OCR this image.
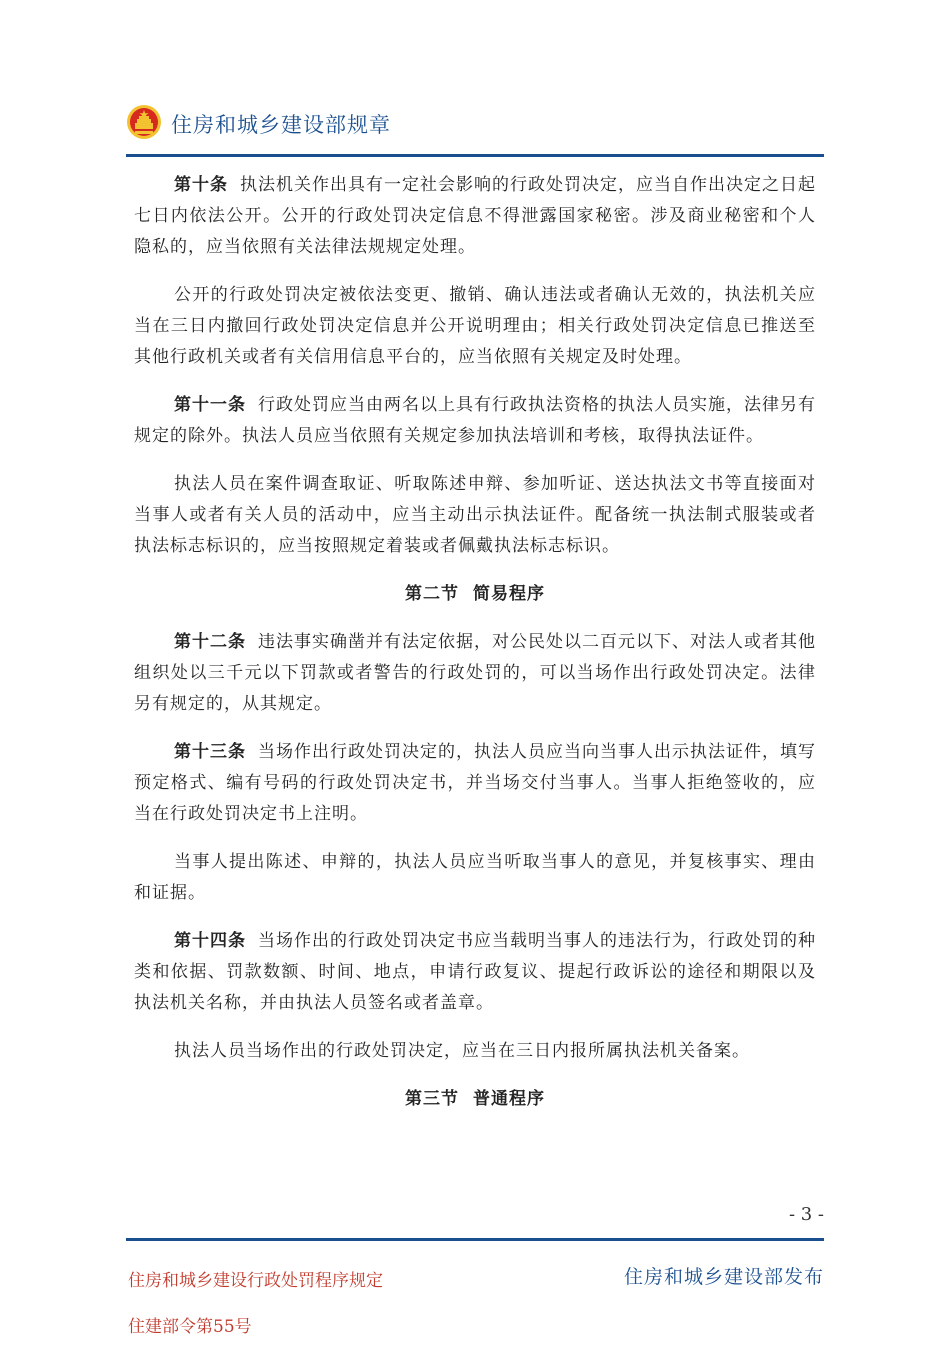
住房和城乡建设部规章

第十条 执法机关作出具有一定社会影响的行政处罚决定，应当自作出决定之日起七日内依法公开。公开的行政处罚决定信息不得泄露国家秘密。涉及商业秘密和个人隐私的，应当依照有关法律法规规定处理。

公开的行政处罚决定被依法变更、撤销、确认违法或者确认无效的，执法机关应当在三日内撤回行政处罚决定信息并公开说明理由；相关行政处罚决定信息已推送至其他行政机关或者有关信用信息平台的，应当依照有关规定及时处理。

第十一条 行政处罚应当由两名以上具有行政执法资格的执法人员实施，法律另有规定的除外。执法人员应当依照有关规定参加执法培训和考核，取得执法证件。

执法人员在案件调查取证、听取陈述申辩、参加听证、送达执法文书等直接面对当事人或者有关人员的活动中，应当主动出示执法证件。配备统一执法制式服装或者执法标志标识的，应当按照规定着装或者佩戴执法标志标识。

第二节 简易程序

第十二条 违法事实确凿并有法定依据，对公民处以二百元以下、对法人或者其他组织处以三千元以下罚款或者警告的行政处罚的，可以当场作出行政处罚决定。法律另有规定的，从其规定。

第十三条 当场作出行政处罚决定的，执法人员应当向当事人出示执法证件，填写预定格式、编有号码的行政处罚决定书，并当场交付当事人。当事人拒绝签收的，应当在行政处罚决定书上注明。

当事人提出陈述、申辩的，执法人员应当听取当事人的意见，并复核事实、理由和证据。

第十四条 当场作出的行政处罚决定书应当载明当事人的违法行为，行政处罚的种类和依据、罚款数额、时间、地点，申请行政复议、提起行政诉讼的途径和期限以及执法机关名称，并由执法人员签名或者盖章。

执法人员当场作出的行政处罚决定，应当在三日内报所属执法机关备案。

第三节 普通程序
- 3 -
住房和城乡建设行政处罚程序规定	住房和城乡建设部发布
住建部令第55号
